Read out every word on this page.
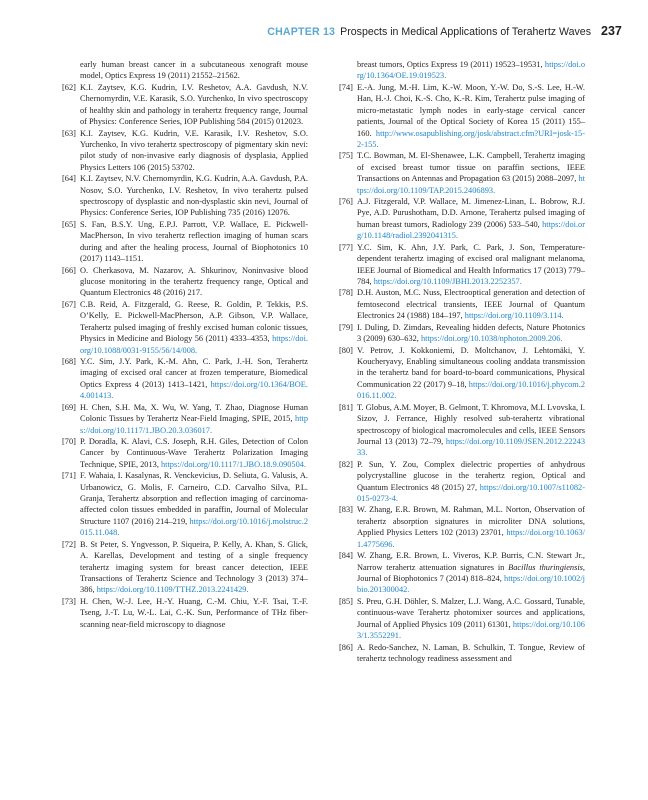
CHAPTER 13 Prospects in Medical Applications of Terahertz Waves 237

early human breast cancer in a subcutaneous xenograft mouse model, Optics Express 19 (2011) 21552–21562.

[62] K.I. Zaytsev, K.G. Kudrin, I.V. Reshetov, A.A. Gavdush, N.V. Chernomyrdin, V.E. Karasik, S.O. Yurchenko, In vivo spectroscopy of healthy skin and pathology in terahertz frequency range, Journal of Physics: Conference Series, IOP Publishing 584 (2015) 012023.

[63] K.I. Zaytsev, K.G. Kudrin, V.E. Karasik, I.V. Reshetov, S.O. Yurchenko, In vivo terahertz spectroscopy of pigmentary skin nevi: pilot study of non-invasive early diagnosis of dysplasia, Applied Physics Letters 106 (2015) 53702.

[64] K.I. Zaytsev, N.V. Chernomyrdin, K.G. Kudrin, A.A. Gavdush, P.A. Nosov, S.O. Yurchenko, I.V. Reshetov, In vivo terahertz pulsed spectroscopy of dysplastic and non-dysplastic skin nevi, Journal of Physics: Conference Series, IOP Publishing 735 (2016) 12076.

[65] S. Fan, B.S.Y. Ung, E.P.J. Parrott, V.P. Wallace, E. Pickwell-MacPherson, In vivo terahertz reflection imaging of human scars during and after the healing process, Journal of Biophotonics 10 (2017) 1143–1151.

[66] O. Cherkasova, M. Nazarov, A. Shkurinov, Noninvasive blood glucose monitoring in the terahertz frequency range, Optical and Quantum Electronics 48 (2016) 217.

[67] C.B. Reid, A. Fitzgerald, G. Reese, R. Goldin, P. Tekkis, P.S. O’Kelly, E. Pickwell-MacPherson, A.P. Gibson, V.P. Wallace, Terahertz pulsed imaging of freshly excised human colonic tissues, Physics in Medicine and Biology 56 (2011) 4333–4353, https://doi.org/10.1088/0031-9155/56/14/008.

[68] Y.C. Sim, J.Y. Park, K.-M. Ahn, C. Park, J.-H. Son, Terahertz imaging of excised oral cancer at frozen temperature, Biomedical Optics Express 4 (2013) 1413–1421, https://doi.org/10.1364/BOE.4.001413.

[69] H. Chen, S.H. Ma, X. Wu, W. Yang, T. Zhao, Diagnose Human Colonic Tissues by Terahertz Near-Field Imaging, SPIE, 2015, https://doi.org/10.1117/1.JBO.20.3.036017.

[70] P. Doradla, K. Alavi, C.S. Joseph, R.H. Giles, Detection of Colon Cancer by Continuous-Wave Terahertz Polarization Imaging Technique, SPIE, 2013, https://doi.org/10.1117/1.JBO.18.9.090504.

[71] F. Wahaia, I. Kasalynas, R. Venckevicius, D. Seliuta, G. Valusis, A. Urbanowicz, G. Molis, F. Carneiro, C.D. Carvalho Silva, P.L. Granja, Terahertz absorption and reflection imaging of carcinoma-affected colon tissues embedded in paraffin, Journal of Molecular Structure 1107 (2016) 214–219, https://doi.org/10.1016/j.molstruc.2015.11.048.

[72] B. St Peter, S. Yngvesson, P. Siqueira, P. Kelly, A. Khan, S. Glick, A. Karellas, Development and testing of a single frequency terahertz imaging system for breast cancer detection, IEEE Transactions of Terahertz Science and Technology 3 (2013) 374–386, https://doi.org/10.1109/TTHZ.2013.2241429.

[73] H. Chen, W.-J. Lee, H.-Y. Huang, C.-M. Chiu, Y.-F. Tsai, T.-F. Tseng, J.-T. Lu, W.-L. Lai, C.-K. Sun, Performance of THz fiber-scanning near-field microscopy to diagnose

breast tumors, Optics Express 19 (2011) 19523–19531, https://doi.org/10.1364/OE.19.019523.

[74] E.-A. Jung, M.-H. Lim, K.-W. Moon, Y.-W. Do, S.-S. Lee, H.-W. Han, H.-J. Choi, K.-S. Cho, K.-R. Kim, Terahertz pulse imaging of micro-metastatic lymph nodes in early-stage cervical cancer patients, Journal of the Optical Society of Korea 15 (2011) 155–160. http://www.osapublishing.org/josk/abstract.cfm?URI=josk-15-2-155.

[75] T.C. Bowman, M. El-Shenawee, L.K. Campbell, Terahertz imaging of excised breast tumor tissue on paraffin sections, IEEE Transactions on Antennas and Propagation 63 (2015) 2088–2097, https://doi.org/10.1109/TAP.2015.2406893.

[76] A.J. Fitzgerald, V.P. Wallace, M. Jimenez-Linan, L. Bobrow, R.J. Pye, A.D. Purushotham, D.D. Arnone, Terahertz pulsed imaging of human breast tumors, Radiology 239 (2006) 533–540, https://doi.org/10.1148/radiol.2392041315.

[77] Y.C. Sim, K. Ahn, J.Y. Park, C. Park, J. Son, Temperature-dependent terahertz imaging of excised oral malignant melanoma, IEEE Journal of Biomedical and Health Informatics 17 (2013) 779–784, https://doi.org/10.1109/JBHI.2013.2252357.

[78] D.H. Auston, M.C. Nuss, Electrooptical generation and detection of femtosecond electrical transients, IEEE Journal of Quantum Electronics 24 (1988) 184–197, https://doi.org/10.1109/3.114.

[79] I. Duling, D. Zimdars, Revealing hidden defects, Nature Photonics 3 (2009) 630–632, https://doi.org/10.1038/nphoton.2009.206.

[80] V. Petrov, J. Kokkoniemi, D. Moltchanov, J. Lehtomäki, Y. Koucheryavy, Enabling simultaneous cooling anddata transmission in the terahertz band for board-to-board communications, Physical Communication 22 (2017) 9–18, https://doi.org/10.1016/j.phycom.2016.11.002.

[81] T. Globus, A.M. Moyer, B. Gelmont, T. Khromova, M.I. Lvovska, I. Sizov, J. Ferrance, Highly resolved sub-terahertz vibrational spectroscopy of biological macromolecules and cells, IEEE Sensors Journal 13 (2013) 72–79, https://doi.org/10.1109/JSEN.2012.2224333.

[82] P. Sun, Y. Zou, Complex dielectric properties of anhydrous polycrystalline glucose in the terahertz region, Optical and Quantum Electronics 48 (2015) 27, https://doi.org/10.1007/s11082-015-0273-4.

[83] W. Zhang, E.R. Brown, M. Rahman, M.L. Norton, Observation of terahertz absorption signatures in microliter DNA solutions, Applied Physics Letters 102 (2013) 23701, https://doi.org/10.1063/1.4775696.

[84] W. Zhang, E.R. Brown, L. Viveros, K.P. Burris, C.N. Stewart Jr., Narrow terahertz attenuation signatures in Bacillus thuringiensis, Journal of Biophotonics 7 (2014) 818–824, https://doi.org/10.1002/jbio.201300042.

[85] S. Preu, G.H. Döhler, S. Malzer, L.J. Wang, A.C. Gossard, Tunable, continuous-wave Terahertz photomixer sources and applications, Journal of Applied Physics 109 (2011) 61301, https://doi.org/10.1063/1.3552291.

[86] A. Redo-Sanchez, N. Laman, B. Schulkin, T. Tongue, Review of terahertz technology readiness assessment and
